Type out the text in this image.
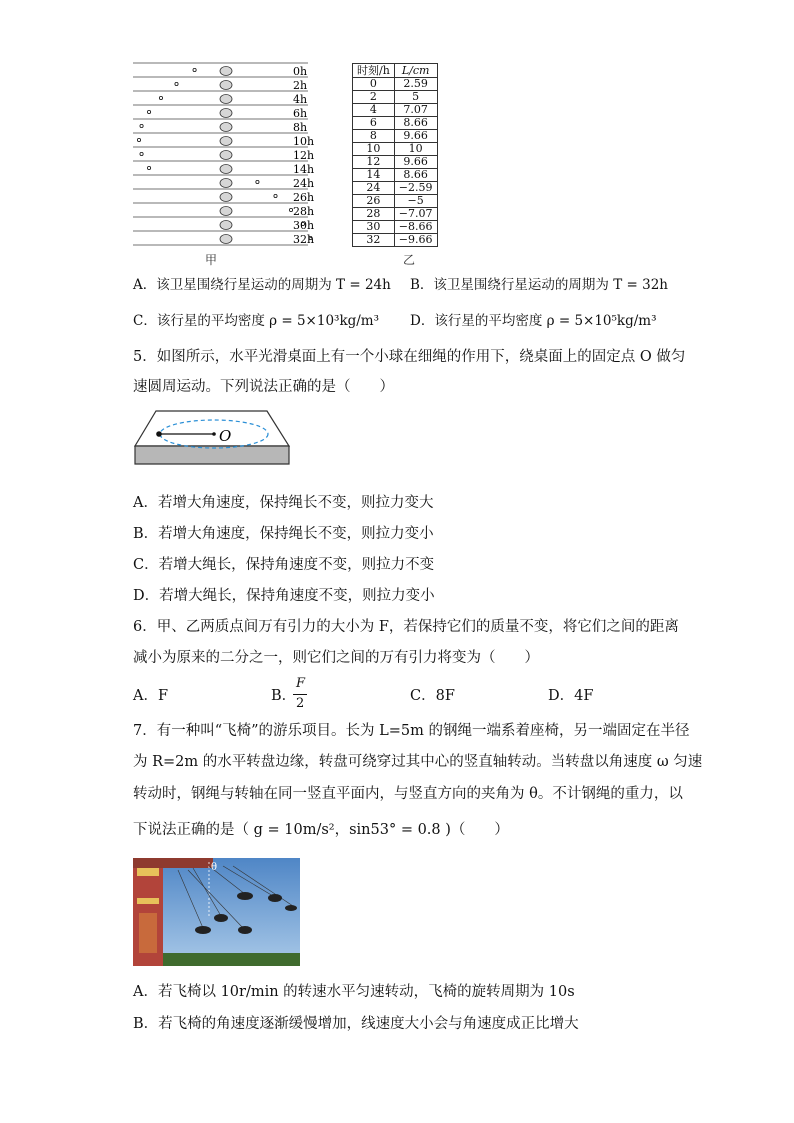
0h
2h
4h
6h
8h
10h
12h
14h
24h
26h
28h
30h
32h
甲
时刻/h	L/cm
0	2.59
2	5
4	7.07
6	8.66
8	9.66
10	10
12	9.66
14	8.66
24	−2.59
26	−5
28	−7.07
30	−8.66
32	−9.66
乙
A．该卫星围绕行星运动的周期为 T = 24h B．该卫星围绕行星运动的周期为 T = 32h
C．该行星的平均密度 ρ = 5×10³kg/m³ D．该行星的平均密度 ρ = 5×10⁵kg/m³
5．如图所示，水平光滑桌面上有一个小球在细绳的作用下，绕桌面上的固定点 O 做匀
速圆周运动。下列说法正确的是（　　）
O
A．若增大角速度，保持绳长不变，则拉力变大
B．若增大角速度，保持绳长不变，则拉力变小
C．若增大绳长，保持角速度不变，则拉力不变
D．若增大绳长，保持角速度不变，则拉力变小
6．甲、乙两质点间万有引力的大小为 F，若保持它们的质量不变，将它们之间的距离
减小为原来的二分之一，则它们之间的万有引力将变为（　　）
A．F	B．
F
2	C．8F	D．4F
7．有一种叫“飞椅”的游乐项目。长为 L=5m 的钢绳一端系着座椅，另一端固定在半径
为 R=2m 的水平转盘边缘，转盘可绕穿过其中心的竖直轴转动。当转盘以角速度 ω 匀速
转动时，钢绳与转轴在同一竖直平面内，与竖直方向的夹角为 θ。不计钢绳的重力，以
下说法正确的是（ g = 10m/s²，sin53° = 0.8 )（　　）
θ
A．若飞椅以 10r/min 的转速水平匀速转动，飞椅的旋转周期为 10s
B．若飞椅的角速度逐渐缓慢增加，线速度大小会与角速度成正比增大
